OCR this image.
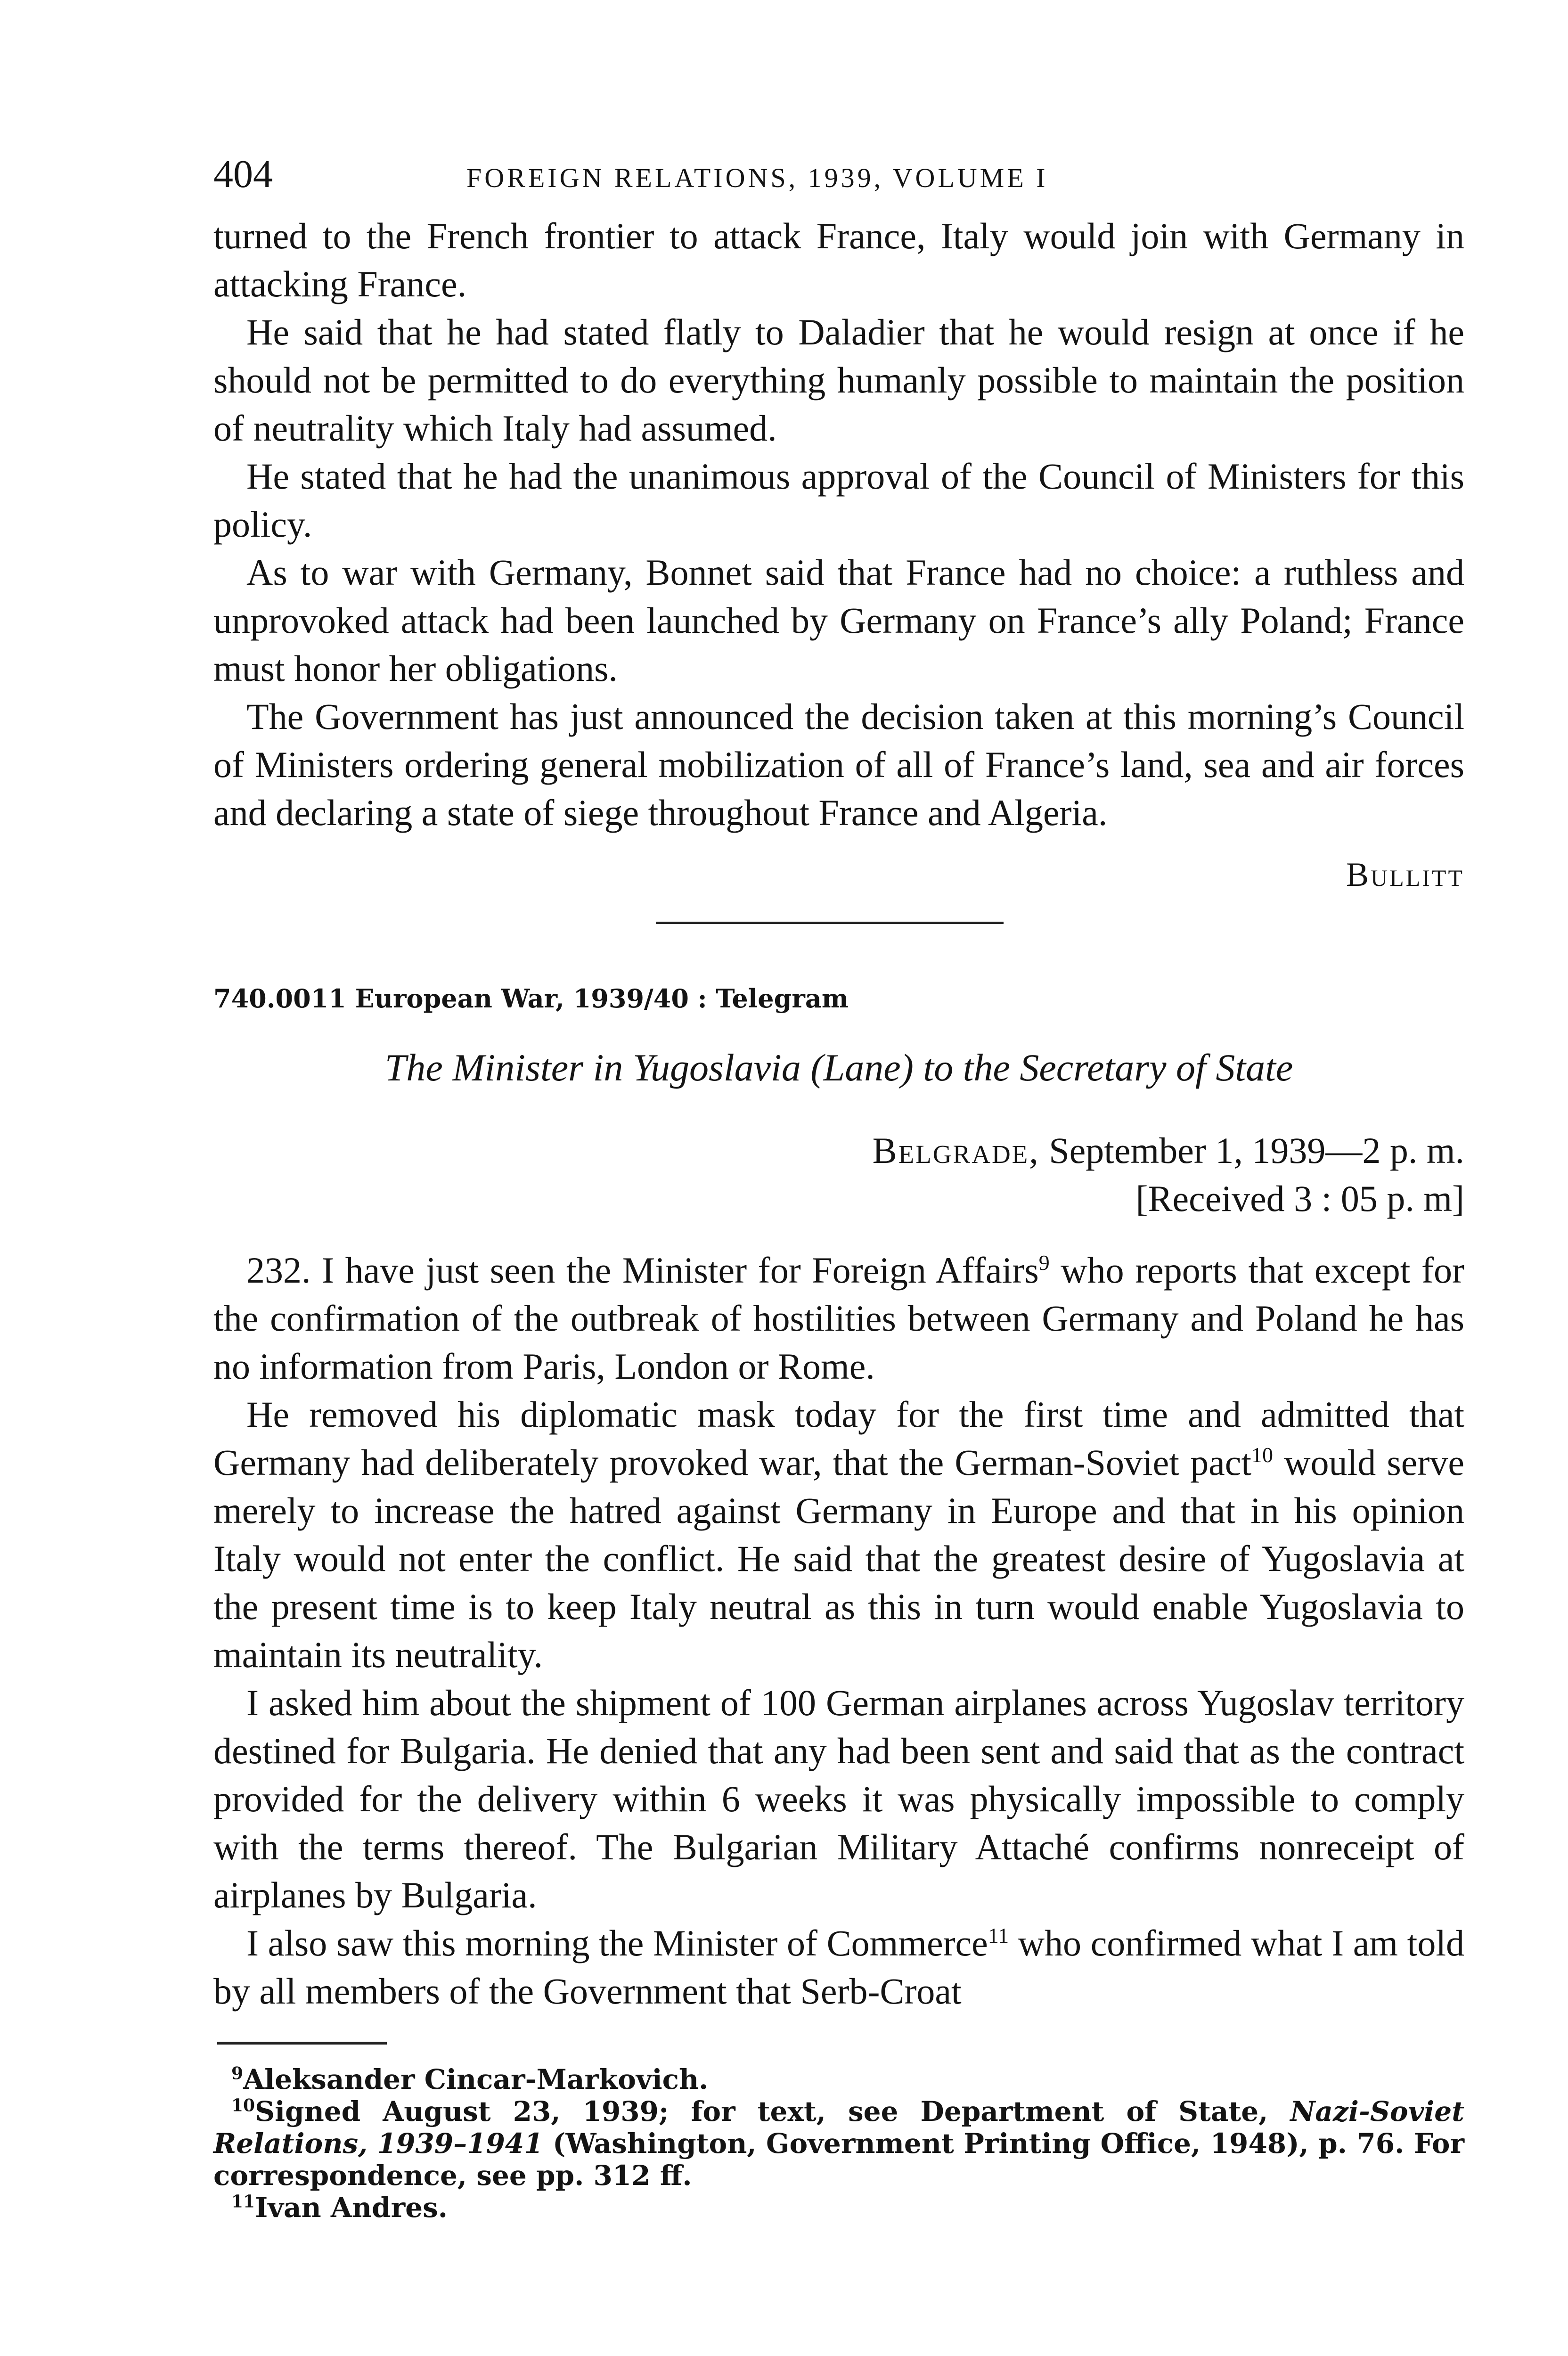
404	FOREIGN RELATIONS, 1939, VOLUME I

turned to the French frontier to attack France, Italy would join with Germany in attacking France.

He said that he had stated flatly to Daladier that he would resign at once if he should not be permitted to do everything humanly possible to maintain the position of neutrality which Italy had assumed.

He stated that he had the unanimous approval of the Council of Ministers for this policy.

As to war with Germany, Bonnet said that France had no choice: a ruthless and unprovoked attack had been launched by Germany on France’s ally Poland; France must honor her obligations.

The Government has just announced the decision taken at this morning’s Council of Ministers ordering general mobilization of all of France’s land, sea and air forces and declaring a state of siege throughout France and Algeria.

Bullitt
740.0011 European War, 1939/40 : Telegram
The Minister in Yugoslavia (Lane) to the Secretary of State
Belgrade, September 1, 1939—2 p. m.
[Received 3 : 05 p. m]

232. I have just seen the Minister for Foreign Affairs$^9$ who reports that except for the confirmation of the outbreak of hostilities between Germany and Poland he has no information from Paris, London or Rome.

He removed his diplomatic mask today for the first time and admitted that Germany had deliberately provoked war, that the German-Soviet pact$^{10}$ would serve merely to increase the hatred against Germany in Europe and that in his opinion Italy would not enter the conflict. He said that the greatest desire of Yugoslavia at the present time is to keep Italy neutral as this in turn would enable Yugoslavia to maintain its neutrality.

I asked him about the shipment of 100 German airplanes across Yugoslav territory destined for Bulgaria. He denied that any had been sent and said that as the contract provided for the delivery within 6 weeks it was physically impossible to comply with the terms thereof. The Bulgarian Military Attaché confirms nonreceipt of airplanes by Bulgaria.

I also saw this morning the Minister of Commerce$^{11}$ who confirmed what I am told by all members of the Government that Serb-Croat

$^9$Aleksander Cincar-Markovich.

$^{10}$Signed August 23, 1939; for text, see Department of State, Nazi-Soviet Relations, 1939–1941 (Washington, Government Printing Office, 1948), p. 76. For correspondence, see pp. 312 ff.

$^{11}$Ivan Andres.
